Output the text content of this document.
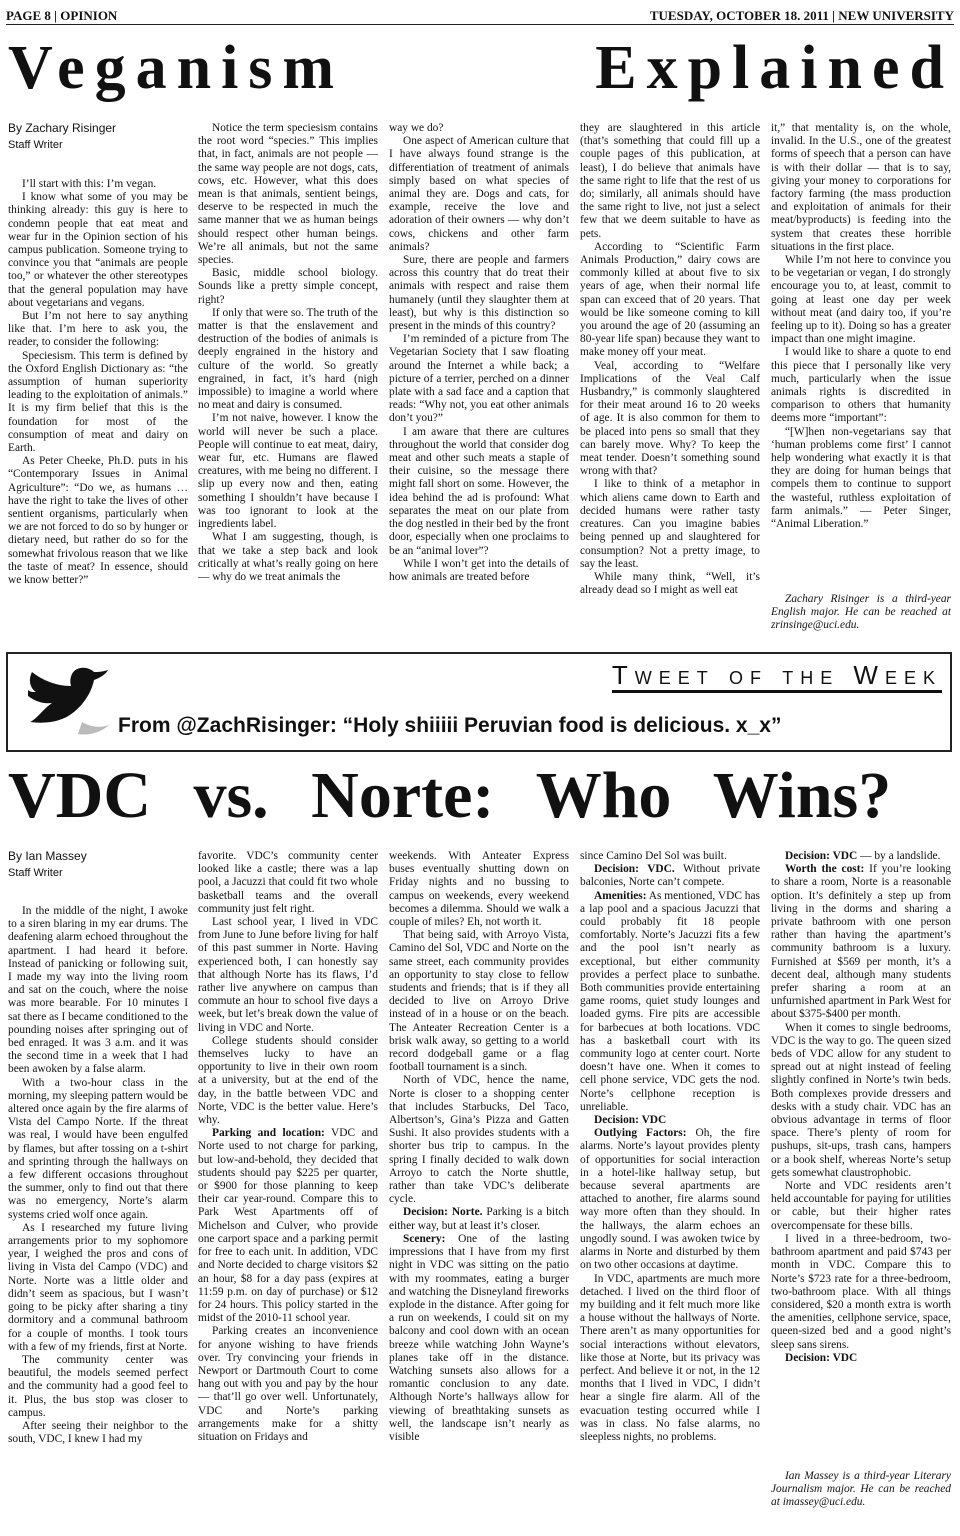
PAGE 8 | OPINION	TUESDAY, OCTOBER 18. 2011 | NEW UNIVERSITY
Veganism	Explained
By Zachary Risinger
Staff Writer

I’ll start with this: I’m vegan.

I know what some of you may be thinking already: this guy is here to condemn people that eat meat and wear fur in the Opinion section of his campus publication. Someone trying to convince you that “animals are people too,” or whatever the other stereotypes that the general population may have about vegetarians and vegans.

But I’m not here to say anything like that. I’m here to ask you, the reader, to consider the following:

Speciesism. This term is defined by the Oxford English Dictionary as: “the assumption of human superiority leading to the exploitation of animals.” It is my firm belief that this is the foundation for most of the consumption of meat and dairy on Earth.

As Peter Cheeke, Ph.D. puts in his “Contemporary Issues in Animal Agriculture”: “Do we, as humans … have the right to take the lives of other sentient organisms, particularly when we are not forced to do so by hunger or dietary need, but rather do so for the somewhat frivolous reason that we like the taste of meat? In essence, should we know better?”

Notice the term speciesism contains the root word “species.” This implies that, in fact, animals are not people — the same way people are not dogs, cats, cows, etc. However, what this does mean is that animals, sentient beings, deserve to be respected in much the same manner that we as human beings should respect other human beings. We’re all animals, but not the same species.

Basic, middle school biology. Sounds like a pretty simple concept, right?

If only that were so. The truth of the matter is that the enslavement and destruction of the bodies of animals is deeply engrained in the history and culture of the world. So greatly engrained, in fact, it’s hard (nigh impossible) to imagine a world where no meat and dairy is consumed.

I’m not naive, however. I know the world will never be such a place. People will continue to eat meat, dairy, wear fur, etc. Humans are flawed creatures, with me being no different. I slip up every now and then, eating something I shouldn’t have because I was too ignorant to look at the ingredients label.

What I am suggesting, though, is that we take a step back and look critically at what’s really going on here — why do we treat animals the

way we do?

One aspect of American culture that I have always found strange is the differentiation of treatment of animals simply based on what species of animal they are. Dogs and cats, for example, receive the love and adoration of their owners — why don’t cows, chickens and other farm animals?

Sure, there are people and farmers across this country that do treat their animals with respect and raise them humanely (until they slaughter them at least), but why is this distinction so present in the minds of this country?

I’m reminded of a picture from The Vegetarian Society that I saw floating around the Internet a while back; a picture of a terrier, perched on a dinner plate with a sad face and a caption that reads: “Why not, you eat other animals don’t you?”

I am aware that there are cultures throughout the world that consider dog meat and other such meats a staple of their cuisine, so the message there might fall short on some. However, the idea behind the ad is profound: What separates the meat on our plate from the dog nestled in their bed by the front door, especially when one proclaims to be an “animal lover”?

While I won’t get into the details of how animals are treated before

they are slaughtered in this article (that’s something that could fill up a couple pages of this publication, at least), I do believe that animals have the same right to life that the rest of us do; similarly, all animals should have the same right to live, not just a select few that we deem suitable to have as pets.

According to “Scientific Farm Animals Production,” dairy cows are commonly killed at about five to six years of age, when their normal life span can exceed that of 20 years. That would be like someone coming to kill you around the age of 20 (assuming an 80-year life span) because they want to make money off your meat.

Veal, according to “Welfare Implications of the Veal Calf Husbandry,” is commonly slaughtered for their meat around 16 to 20 weeks of age. It is also common for them to be placed into pens so small that they can barely move. Why? To keep the meat tender. Doesn’t something sound wrong with that?

I like to think of a metaphor in which aliens came down to Earth and decided humans were rather tasty creatures. Can you imagine babies being penned up and slaughtered for consumption? Not a pretty image, to say the least.

While many think, “Well, it’s already dead so I might as well eat

it,” that mentality is, on the whole, invalid. In the U.S., one of the greatest forms of speech that a person can have is with their dollar — that is to say, giving your money to corporations for factory farming (the mass production and exploitation of animals for their meat/byproducts) is feeding into the system that creates these horrible situations in the first place.

While I’m not here to convince you to be vegetarian or vegan, I do strongly encourage you to, at least, commit to going at least one day per week without meat (and dairy too, if you’re feeling up to it). Doing so has a greater impact than one might imagine.

I would like to share a quote to end this piece that I personally like very much, particularly when the issue animals rights is discredited in comparison to others that humanity deems more “important”:

“[W]hen non-vegetarians say that ‘human problems come first’ I cannot help wondering what exactly it is that they are doing for human beings that compels them to continue to support the wasteful, ruthless exploitation of farm animals.” — Peter Singer, “Animal Liberation.”

Zachary Risinger is a third-year English major. He can be reached at zrinsinge@uci.edu.

Tweet of the Week
From @ZachRisinger: “Holy shiiiii Peruvian food is delicious. x_x”
VDC vs. Norte: Who Wins?
By Ian Massey
Staff Writer

In the middle of the night, I awoke to a siren blaring in my ear drums. The deafening alarm echoed throughout the apartment. I had heard it before. Instead of panicking or following suit, I made my way into the living room and sat on the couch, where the noise was more bearable. For 10 minutes I sat there as I became conditioned to the pounding noises after springing out of bed enraged. It was 3 a.m. and it was the second time in a week that I had been awoken by a false alarm.

With a two-hour class in the morning, my sleeping pattern would be altered once again by the fire alarms of Vista del Campo Norte. If the threat was real, I would have been engulfed by flames, but after tossing on a t-shirt and sprinting through the hallways on a few different occasions throughout the summer, only to find out that there was no emergency, Norte’s alarm systems cried wolf once again.

As I researched my future living arrangements prior to my sophomore year, I weighed the pros and cons of living in Vista del Campo (VDC) and Norte. Norte was a little older and didn’t seem as spacious, but I wasn’t going to be picky after sharing a tiny dormitory and a communal bathroom for a couple of months. I took tours with a few of my friends, first at Norte.

The community center was beautiful, the models seemed perfect and the community had a good feel to it. Plus, the bus stop was closer to campus.

After seeing their neighbor to the south, VDC, I knew I had my

favorite. VDC’s community center looked like a castle; there was a lap pool, a Jacuzzi that could fit two whole basketball teams and the overall community just felt right.

Last school year, I lived in VDC from June to June before living for half of this past summer in Norte. Having experienced both, I can honestly say that although Norte has its flaws, I’d rather live anywhere on campus than commute an hour to school five days a week, but let’s break down the value of living in VDC and Norte.

College students should consider themselves lucky to have an opportunity to live in their own room at a university, but at the end of the day, in the battle between VDC and Norte, VDC is the better value. Here’s why.

Parking and location: VDC and Norte used to not charge for parking, but low-and-behold, they decided that students should pay $225 per quarter, or $900 for those planning to keep their car year-round. Compare this to Park West Apartments off of Michelson and Culver, who provide one carport space and a parking permit for free to each unit. In addition, VDC and Norte decided to charge visitors $2 an hour, $8 for a day pass (expires at 11:59 p.m. on day of purchase) or $12 for 24 hours. This policy started in the midst of the 2010-11 school year.

Parking creates an inconvenience for anyone wishing to have friends over. Try convincing your friends in Newport or Dartmouth Court to come hang out with you and pay by the hour — that’ll go over well. Unfortunately, VDC and Norte’s parking arrangements make for a shitty situation on Fridays and

weekends. With Anteater Express buses eventually shutting down on Friday nights and no bussing to campus on weekends, every weekend becomes a dilemma. Should we walk a couple of miles? Eh, not worth it.

That being said, with Arroyo Vista, Camino del Sol, VDC and Norte on the same street, each community provides an opportunity to stay close to fellow students and friends; that is if they all decided to live on Arroyo Drive instead of in a house or on the beach. The Anteater Recreation Center is a brisk walk away, so getting to a world record dodgeball game or a flag football tournament is a sinch.

North of VDC, hence the name, Norte is closer to a shopping center that includes Starbucks, Del Taco, Albertson’s, Gina’s Pizza and Gatten Sushi. It also provides students with a shorter bus trip to campus. In the spring I finally decided to walk down Arroyo to catch the Norte shuttle, rather than take VDC’s deliberate cycle.

Decision: Norte. Parking is a bitch either way, but at least it’s closer.

Scenery: One of the lasting impressions that I have from my first night in VDC was sitting on the patio with my roommates, eating a burger and watching the Disneyland fireworks explode in the distance. After going for a run on weekends, I could sit on my balcony and cool down with an ocean breeze while watching John Wayne’s planes take off in the distance. Watching sunsets also allows for a romantic conclusion to any date. Although Norte’s hallways allow for viewing of breathtaking sunsets as well, the landscape isn’t nearly as visible

since Camino Del Sol was built.

Decision: VDC. Without private balconies, Norte can’t compete.

Amenities: As mentioned, VDC has a lap pool and a spacious Jacuzzi that could probably fit 18 people comfortably. Norte’s Jacuzzi fits a few and the pool isn’t nearly as exceptional, but either community provides a perfect place to sunbathe. Both communities provide entertaining game rooms, quiet study lounges and loaded gyms. Fire pits are accessible for barbecues at both locations. VDC has a basketball court with its community logo at center court. Norte doesn’t have one. When it comes to cell phone service, VDC gets the nod. Norte’s cellphone reception is unreliable.

Decision: VDC

Outlying Factors: Oh, the fire alarms. Norte’s layout provides plenty of opportunities for social interaction in a hotel-like hallway setup, but because several apartments are attached to another, fire alarms sound way more often than they should. In the hallways, the alarm echoes an ungodly sound. I was awoken twice by alarms in Norte and disturbed by them on two other occasions at daytime.

In VDC, apartments are much more detached. I lived on the third floor of my building and it felt much more like a house without the hallways of Norte. There aren’t as many opportunities for social interactions without elevators, like those at Norte, but its privacy was perfect. And believe it or not, in the 12 months that I lived in VDC, I didn’t hear a single fire alarm. All of the evacuation testing occurred while I was in class. No false alarms, no sleepless nights, no problems.

Decision: VDC — by a landslide.

Worth the cost: If you’re looking to share a room, Norte is a reasonable option. It’s definitely a step up from living in the dorms and sharing a private bathroom with one person rather than having the apartment’s community bathroom is a luxury. Furnished at $569 per month, it’s a decent deal, although many students prefer sharing a room at an unfurnished apartment in Park West for about $375-$400 per month.

When it comes to single bedrooms, VDC is the way to go. The queen sized beds of VDC allow for any student to spread out at night instead of feeling slightly confined in Norte’s twin beds. Both complexes provide dressers and desks with a study chair. VDC has an obvious advantage in terms of floor space. There’s plenty of room for pushups, sit-ups, trash cans, hampers or a book shelf, whereas Norte’s setup gets somewhat claustrophobic.

Norte and VDC residents aren’t held accountable for paying for utilities or cable, but their higher rates overcompensate for these bills.

I lived in a three-bedroom, two-bathroom apartment and paid $743 per month in VDC. Compare this to Norte’s $723 rate for a three-bedroom, two-bathroom place. With all things considered, $20 a month extra is worth the amenities, cellphone service, space, queen-sized bed and a good night’s sleep sans sirens.

Decision: VDC

Ian Massey is a third-year Literary Journalism major. He can be reached at imassey@uci.edu.
